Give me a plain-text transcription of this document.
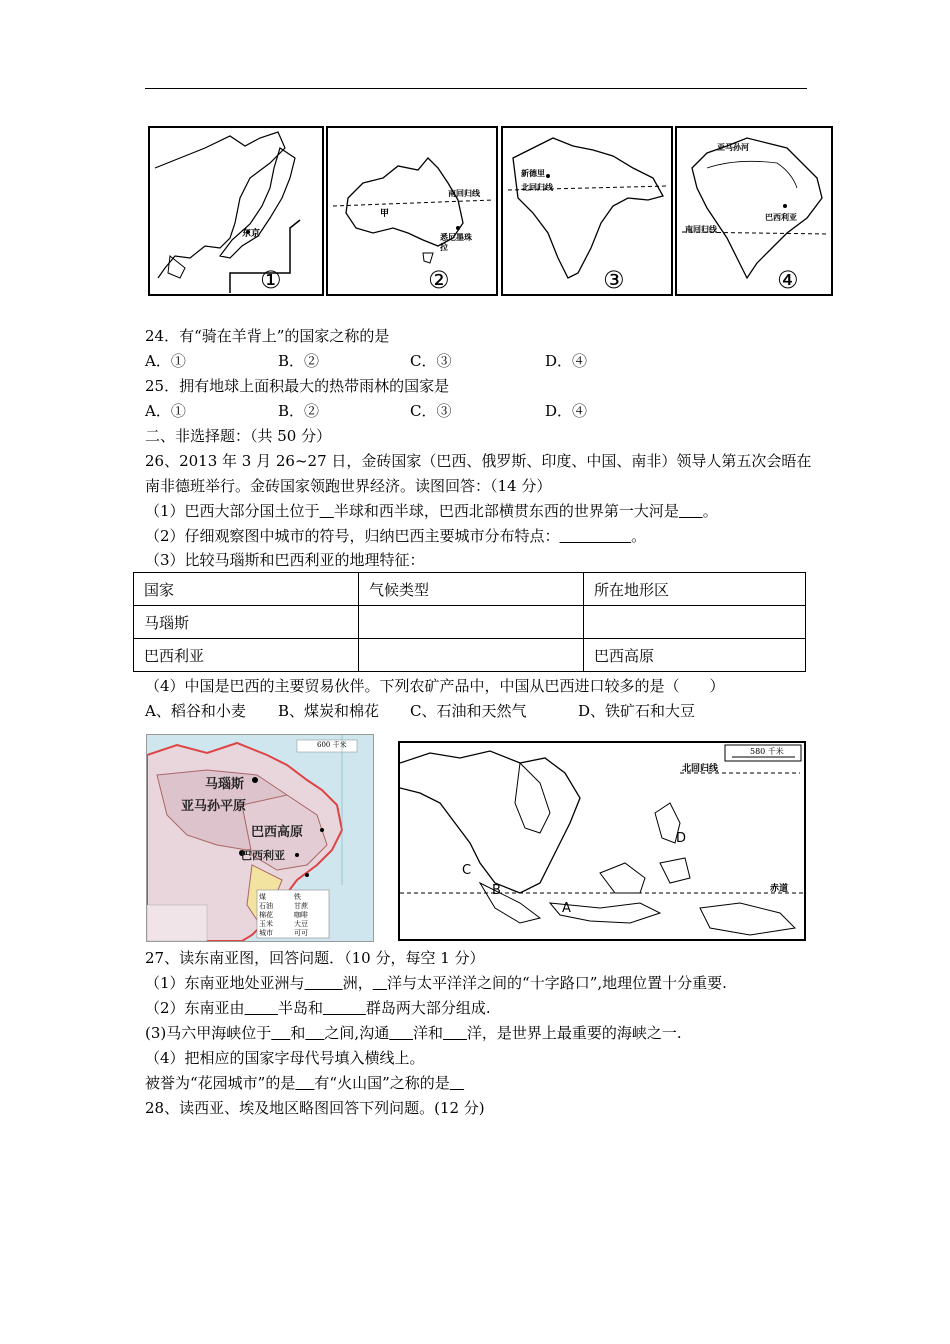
东京
①
甲
南回归线
悉尼墨珠拉
②
新德里
北回归线
③
亚马孙河
巴西利亚
南回归线
④
24．有“骑在羊背上”的国家之称的是
A．①	B．②	C．③	D．④
25．拥有地球上面积最大的热带雨林的国家是
A．①	B．②	C．③	D．④
二、非选择题：（共 50 分）
26、2013 年 3 月 26~27 日，金砖国家（巴西、俄罗斯、印度、中国、南非）领导人第五次会晤在
南非德班举行。金砖国家领跑世界经济。读图回答：（14 分）
（1）巴西大部分国土位于 半球和西半球，巴西北部横贯东西的世界第一大河是 。
（2）仔细观察图中城市的符号，归纳巴西主要城市分布特点：	。
（3）比较马瑙斯和巴西利亚的地理特征：
国家	气候类型	所在地形区
马瑙斯		
巴西利亚		巴西高原
（4）中国是巴西的主要贸易伙伴。下列农矿产品中，中国从巴西进口较多的是（　　）
A、稻谷和小麦 B、煤炭和棉花 C、石油和天然气	D、铁矿石和大豆
马瑙斯
亚马孙平原
巴西高原
巴西利亚
600 千米
煤	铁
石油	甘蔗
棉花	咖啡
玉米	大豆
城市	可可
580 千米
北回归线
赤道
A
B
C
D
27、读东南亚图，回答问题．（10 分，每空 1 分）
（1）东南亚地处亚洲与	洲， 洋与太平洋洋之间的“十字路口”,地理位置十分重要.
（2）东南亚由 半岛和	群岛两大部分组成.
(3)马六甲海峡位于 和 之间,沟通 洋和 洋，是世界上最重要的海峡之一.
（4）把相应的国家字母代号填入横线上。
被誉为“花园城市”的是 有“火山国”之称的是
28、读西亚、埃及地区略图回答下列问题。(12 分)
